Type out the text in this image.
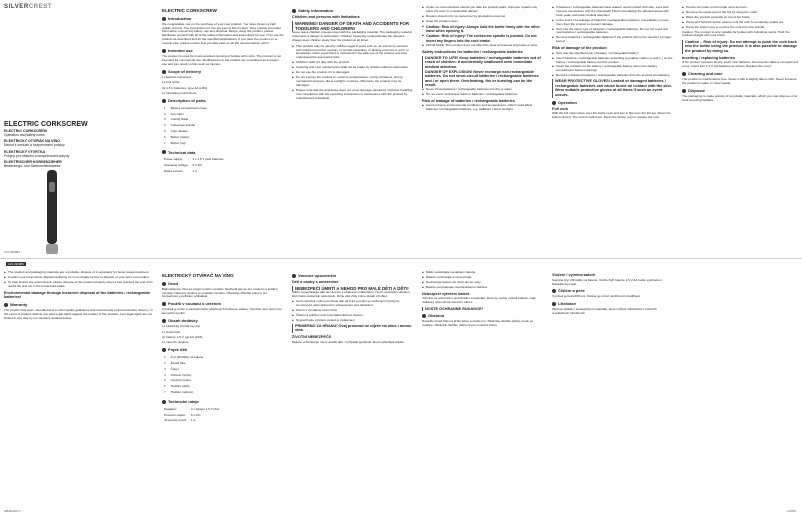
SILVERCREST
ELECTRIC CORKSCREW
ELECTRIC CORKSCREW
Operation and safety notes
ELEKTRICKÝ OTVÍRÁK NA VÍNO
Návod k obsluze a bezpečnostní pokyny
ELEKTRICKÝ VÝVRTKA
Pokyny pro obsluhu a bezpečnostní pokyny
ELEKTRISCHER KORKENZIEHER
Bedienungs- und Sicherheitshinweise
IAN 330984
ELECTRIC CORKSCREW
Introduction

We congratulate you on the purchase of your new product. You have chosen a high quality product. The instructions for use are part of this product. They contain important information concerning safety, use and disposal. Before using the product, please familiarise yourself with all of the safety information and instructions for use. Only use the product as described and for the specified applications. If you pass the product on to anyone else, please ensure that you also pass on all the documentation with it.

Intended use

The product is used for motor-assisted opening of bottles with corks. The product is not intended for commercial use. Modifications to the product are considered as improper use and can result in risks such as injuries.

Scope of delivery

1x Electric corkscrew

1x Foil cutter

4x 1.5 V batteries, type AA (LR6)

1x Operating instructions

Description of parts
1	Battery compartment cover
2	Foil cutter
3	Cutting blade
4	Corkscrew spindle
5	Cork release
6	Button (down)
7	Button (up)
Technical data
Power supply:	4 x 1.5 V (AA) batteries
Operating voltage:	6 V DC
Rated current:	1 A
Safety information
Children and persons with limitations
WARNING! DANGER OF DEATH AND ACCIDENTS FOR TODDLERS AND CHILDREN!

Never leave children unsupervised with the packaging material. The packaging material represents a danger of suffocation. Children frequently underestimate the dangers. Always keep children away from the product at all times.

■ This product may be used by children aged 8 years and up, as well as by persons with reduced physical, sensory or mental capacities, or lacking experience and / or knowledge, when supervised or instructed in the safe use of the product and they understand the associated risks.
■ Children shall not play with the product.
■ Cleaning and user maintenance shall not be made by children without supervision.
■ Do not use the product if it is damaged.
■ Do not expose the product to: extreme temperatures, strong vibrations, strong mechanical stresses, direct sunlight, moisture. Otherwise the product may be damaged.
■ Please note that the guarantee does not cover damage caused by improper handling, non-compliance with the operating instructions or interference with the product by unauthorised individuals.
■ Under no circumstances should you take the product apart. Improper repairs may place the user in considerable danger.
■ Repairs should only be carried out by specialist personnel.
■ Keep the product clean.
■ Caution: Risk of injury! Always hold the bottle firmly with the other hand when opening it.
■ Caution: Risk of injury! The corkscrew spindle is pointed. Do not insert any fingers into the cork intake.
■ FOOD SAFE: This product does not affect the taste and aroma properties of wine.
Safety instructions for batteries / rechargeable batteries
DANGER TO LIFE! Keep batteries / rechargeable batteries out of reach of children. If accidentally swallowed seek immediate medical attention.
DANGER OF EXPLOSION! Never recharge non-rechargeable batteries. Do not short-circuit batteries / rechargeable batteries and / or open them. Overheating, fire or bursting can be the result.
■ Never throw batteries / rechargeable batteries into fire or water.
■ Do not exert mechanical loads to batteries / rechargeable batteries.
Risk of leakage of batteries / rechargeable batteries
■ Avoid extreme environmental conditions and temperatures, which could affect batteries / rechargeable batteries, e.g. radiators / direct sunlight.
■ If batteries / rechargeable batteries have leaked, avoid contact with skin, eyes and mucous membranes with the chemicals! Flush immediately the affected areas with fresh water and seek medical attention!
■ In the event of a leakage of batteries / rechargeable batteries, immediately remove them from the product to prevent damage.
■ Only use the same type of batteries / rechargeable batteries. Do not mix used and new batteries / rechargeable batteries.
■ Remove batteries / rechargeable batteries if the product will not be used for a longer period.
Risk of damage of the product
■ Only use the specified type of battery / rechargeable battery!
■ Insert batteries / rechargeable batteries according to polarity marks (+) and (–) on the battery / rechargeable battery and the product.
■ Clean the contacts on the battery / rechargeable battery and in the battery compartment before inserting!
■ Remove exhausted batteries / rechargeable batteries from the product immediately.
WEAR PROTECTIVE GLOVES! Leaked or damaged batteries / rechargeable batteries can cause burns on contact with the skin. Wear suitable protective gloves at all times if such an event occurs.
Operation
Pull cork

With the foil cutter place over the bottle neck and turn it. Remove the foil top. Press the button (down). The cork is pulled out. Press the button (up) to release the cork.

■ Put the foil cutter on the bottle neck and turn.
■ Remove the upper part of the foil by using the cutter.
■ Place the product vertically on top of the bottle.
■ Press and hold the button (down) until the cork is completely pulled out.
■ Press the button (up) to remove the cork from the spindle.

Caution: The product is only suitable for bottles with cylindrical necks. Hold the product straight with your hand.

Caution – Risk of injury: Do not attempt to push the cork back into the bottle using the product. It is also possible to damage the product by doing so.
Inserting / replacing batteries

If the product operates slowly, insert new batteries. Remove the battery compartment cover. Insert four 1.5 V AA batteries as shown. Replace the cover.

Cleaning and care

The product is maintenance-free. Clean it with a slightly damp cloth. Never immerse the product in water or other liquids.

Disposal

The packaging is made entirely of recyclable materials, which you may dispose of at local recycling facilities.

IAN 330984
■ The product and packaging materials are recyclable, dispose of it separately for better waste treatment.
■ Contact your local refuse disposal authority for more details of how to dispose of your worn-out product.
■ To help protect the environment, please dispose of the product properly when it has reached the end of its useful life and not in the household waste.
Environmental damage through incorrect disposal of the batteries / rechargeable batteries!
Warranty

The product has been manufactured to strict quality guidelines and meticulously examined before delivery. In the event of product defects you have legal rights against the retailer of this product. Your legal rights are not limited in any way by our warranty detailed below.

GB/IE/NI/CY
ELEKTRICKÝ OTVÍRAČ NA VÍNO
Úvod

Blahopřejeme Vám ke koupi nového výrobku. Rozhodli jste se pro moderní a kvalitní výrobek. Návod k obsluze je součástí výrobku. Obsahuje důležité pokyny pro bezpečnost, používání a likvidaci.

Použití v souladu s určením

Výrobek je určen k otevírání lahví uzavřených korkovou zátkou. Výrobek není určen pro komerční použití.

Obsah dodávky

1x elektrický otvírák na víno

1x řezač fólie

4x baterie 1,5 V, typ AA (LR6)

1x návod k obsluze

Popis dílů
1	Kryt přihrádky na baterie
2	Řezač fólie
3	Čepel
4	Vřeteno vývrtky
5	Uvolnění korku
6	Tlačítko (dolů)
7	Tlačítko (nahoru)
Technické údaje
Napájení:	4 x baterie 1,5 V (AA)
Provozní napětí:	6 V DC
Jmenovitý proud:	1 A
Varovné upozornění
Děti a osoby s omezeními
NEBEZPEČÍ ÚMRTÍ A NEHOD PRO MALÉ DĚTI A DĚTI!

Nikdy nenechávejte děti bez dozoru s obalovým materiálem. Hrozí nebezpečí udušení. Děti často podceňují nebezpečí. Držte děti vždy mimo dosah výrobku.

■ Tento výrobek mohou používat děti od 8 let a osoby se sníženými fyzickými, smyslovými nebo duševními schopnostmi pod dohledem.
■ Děti si s výrobkem nesmí hrát.
■ Čištění a údržbu nesmí provádět děti bez dozoru.
■ Nepoužívejte výrobek, pokud je poškozený.
PRIMERNO ZA HRANU! Ovaj proizvod ne utječe na okus i aromu vina.
ŽIVOTNÍ NEBEZPEČÍ!

Baterie uchovávejte mimo dosah dětí. V případě spolknutí ihned vyhledejte lékaře.

■ Nikdy nedobíjejte nenabíjecí baterie.
■ Baterie nezkratujte a neotevírejte.
■ Nevhazujte baterie do ohně ani do vody.
■ Baterie nevystavujte mechanickému zatížení.
Nebezpečí vytečení baterií

Vyhněte se extrémním podmínkám a teplotám, které by mohly ovlivnit baterie, např. radiátory nebo přímé sluneční záření.

NOSTE OCHRANNÉ RUKAVICE!
Obsluha

Nasaďte řezač fólie na hrdlo lahve a otočte jím. Stiskněte tlačítko (dolů), korek se vytáhne. Stiskněte tlačítko (nahoru) pro uvolnění korku.

Vložení / výměna baterií

Sejměte kryt přihrádky na baterie. Vložte čtyři baterie 1,5 V AA podle vyobrazení. Nasaďte kryt zpět.

Čištění a péče

Výrobek je bezúdržbový. Čistěte jej mírně navlhčeným hadříkem.

Likvidace

Obal se skládá z ekologických materiálů, které můžete zlikvidovat v místních recyklačních střediscích.

CZ/SK
